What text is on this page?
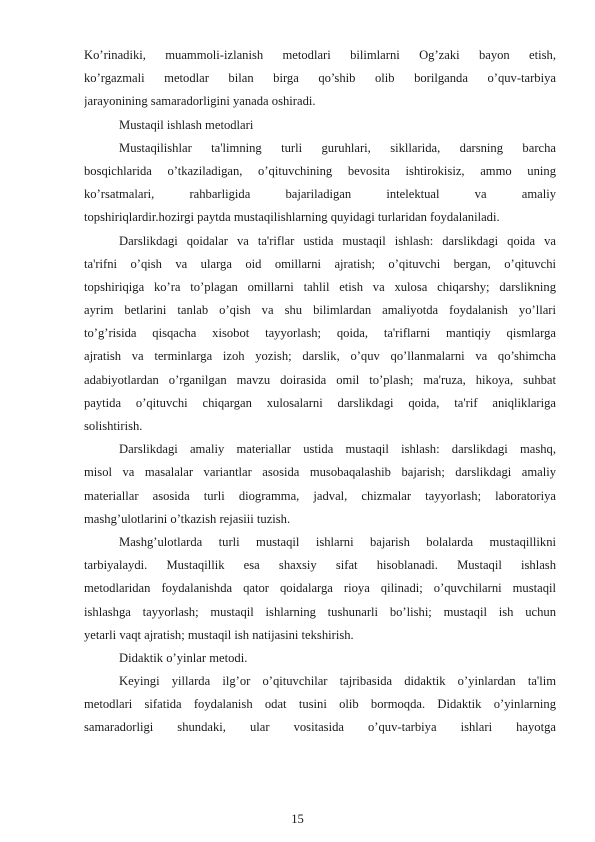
Ko’rinadiki, muammoli-izlanish metodlari bilimlarni Og’zaki bayon etish,
ko’rgazmali metodlar bilan birga qo’shib olib borilganda o’quv-tarbiya
jarayonining samaradorligini yanada oshiradi.
Mustaqil ishlash metodlari
Mustaqilishlar ta'limning turli guruhlari, sikllarida, darsning barcha
bosqichlarida o’tkaziladigan, o’qituvchining bevosita ishtirokisiz, ammo uning
ko’rsatmalari, rahbarligida bajariladigan intelektual va amaliy
topshiriqlardir.hozirgi paytda mustaqilishlarning quyidagi turlaridan foydalaniladi.
Darslikdagi qoidalar va ta'riflar ustida mustaqil ishlash: darslikdagi qoida va
ta'rifni o’qish va ularga oid omillarni ajratish; o’qituvchi bergan, o’qituvchi
topshiriqiga ko’ra to’plagan omillarni tahlil etish va xulosa chiqarshy; darslikning
ayrim betlarini tanlab o’qish va shu bilimlardan amaliyotda foydalanish yo’llari
to’g’risida qisqacha xisobot tayyorlash; qoida, ta'riflarni mantiqiy qismlarga
ajratish va terminlarga izoh yozish; darslik, o’quv qo’llanmalarni va qo’shimcha
adabiyotlardan o’rganilgan mavzu doirasida omil to’plash; ma'ruza, hikoya, suhbat
paytida o’qituvchi chiqargan xulosalarni darslikdagi qoida, ta'rif aniqliklariga
solishtirish.
Darslikdagi amaliy materiallar ustida mustaqil ishlash: darslikdagi mashq,
misol va masalalar variantlar asosida musobaqalashib bajarish; darslikdagi amaliy
materiallar asosida turli diogramma, jadval, chizmalar tayyorlash; laboratoriya
mashg’ulotlarini o’tkazish rejasiii tuzish.
Mashg’ulotlarda turli mustaqil ishlarni bajarish bolalarda mustaqillikni
tarbiyalaydi. Mustaqillik esa shaxsiy sifat hisoblanadi. Mustaqil ishlash
metodlaridan foydalanishda qator qoidalarga rioya qilinadi; o’quvchilarni mustaqil
ishlashga tayyorlash; mustaqil ishlarning tushunarli bo’lishi; mustaqil ish uchun
yetarli vaqt ajratish; mustaqil ish natijasini tekshirish.
Didaktik o’yinlar metodi.
Keyingi yillarda ilg’or o’qituvchilar tajribasida didaktik o’yinlardan ta'lim
metodlari sifatida foydalanish odat tusini olib bormoqda. Didaktik o’yinlarning
samaradorligi shundaki, ular vositasida o’quv-tarbiya ishlari hayotga
15
